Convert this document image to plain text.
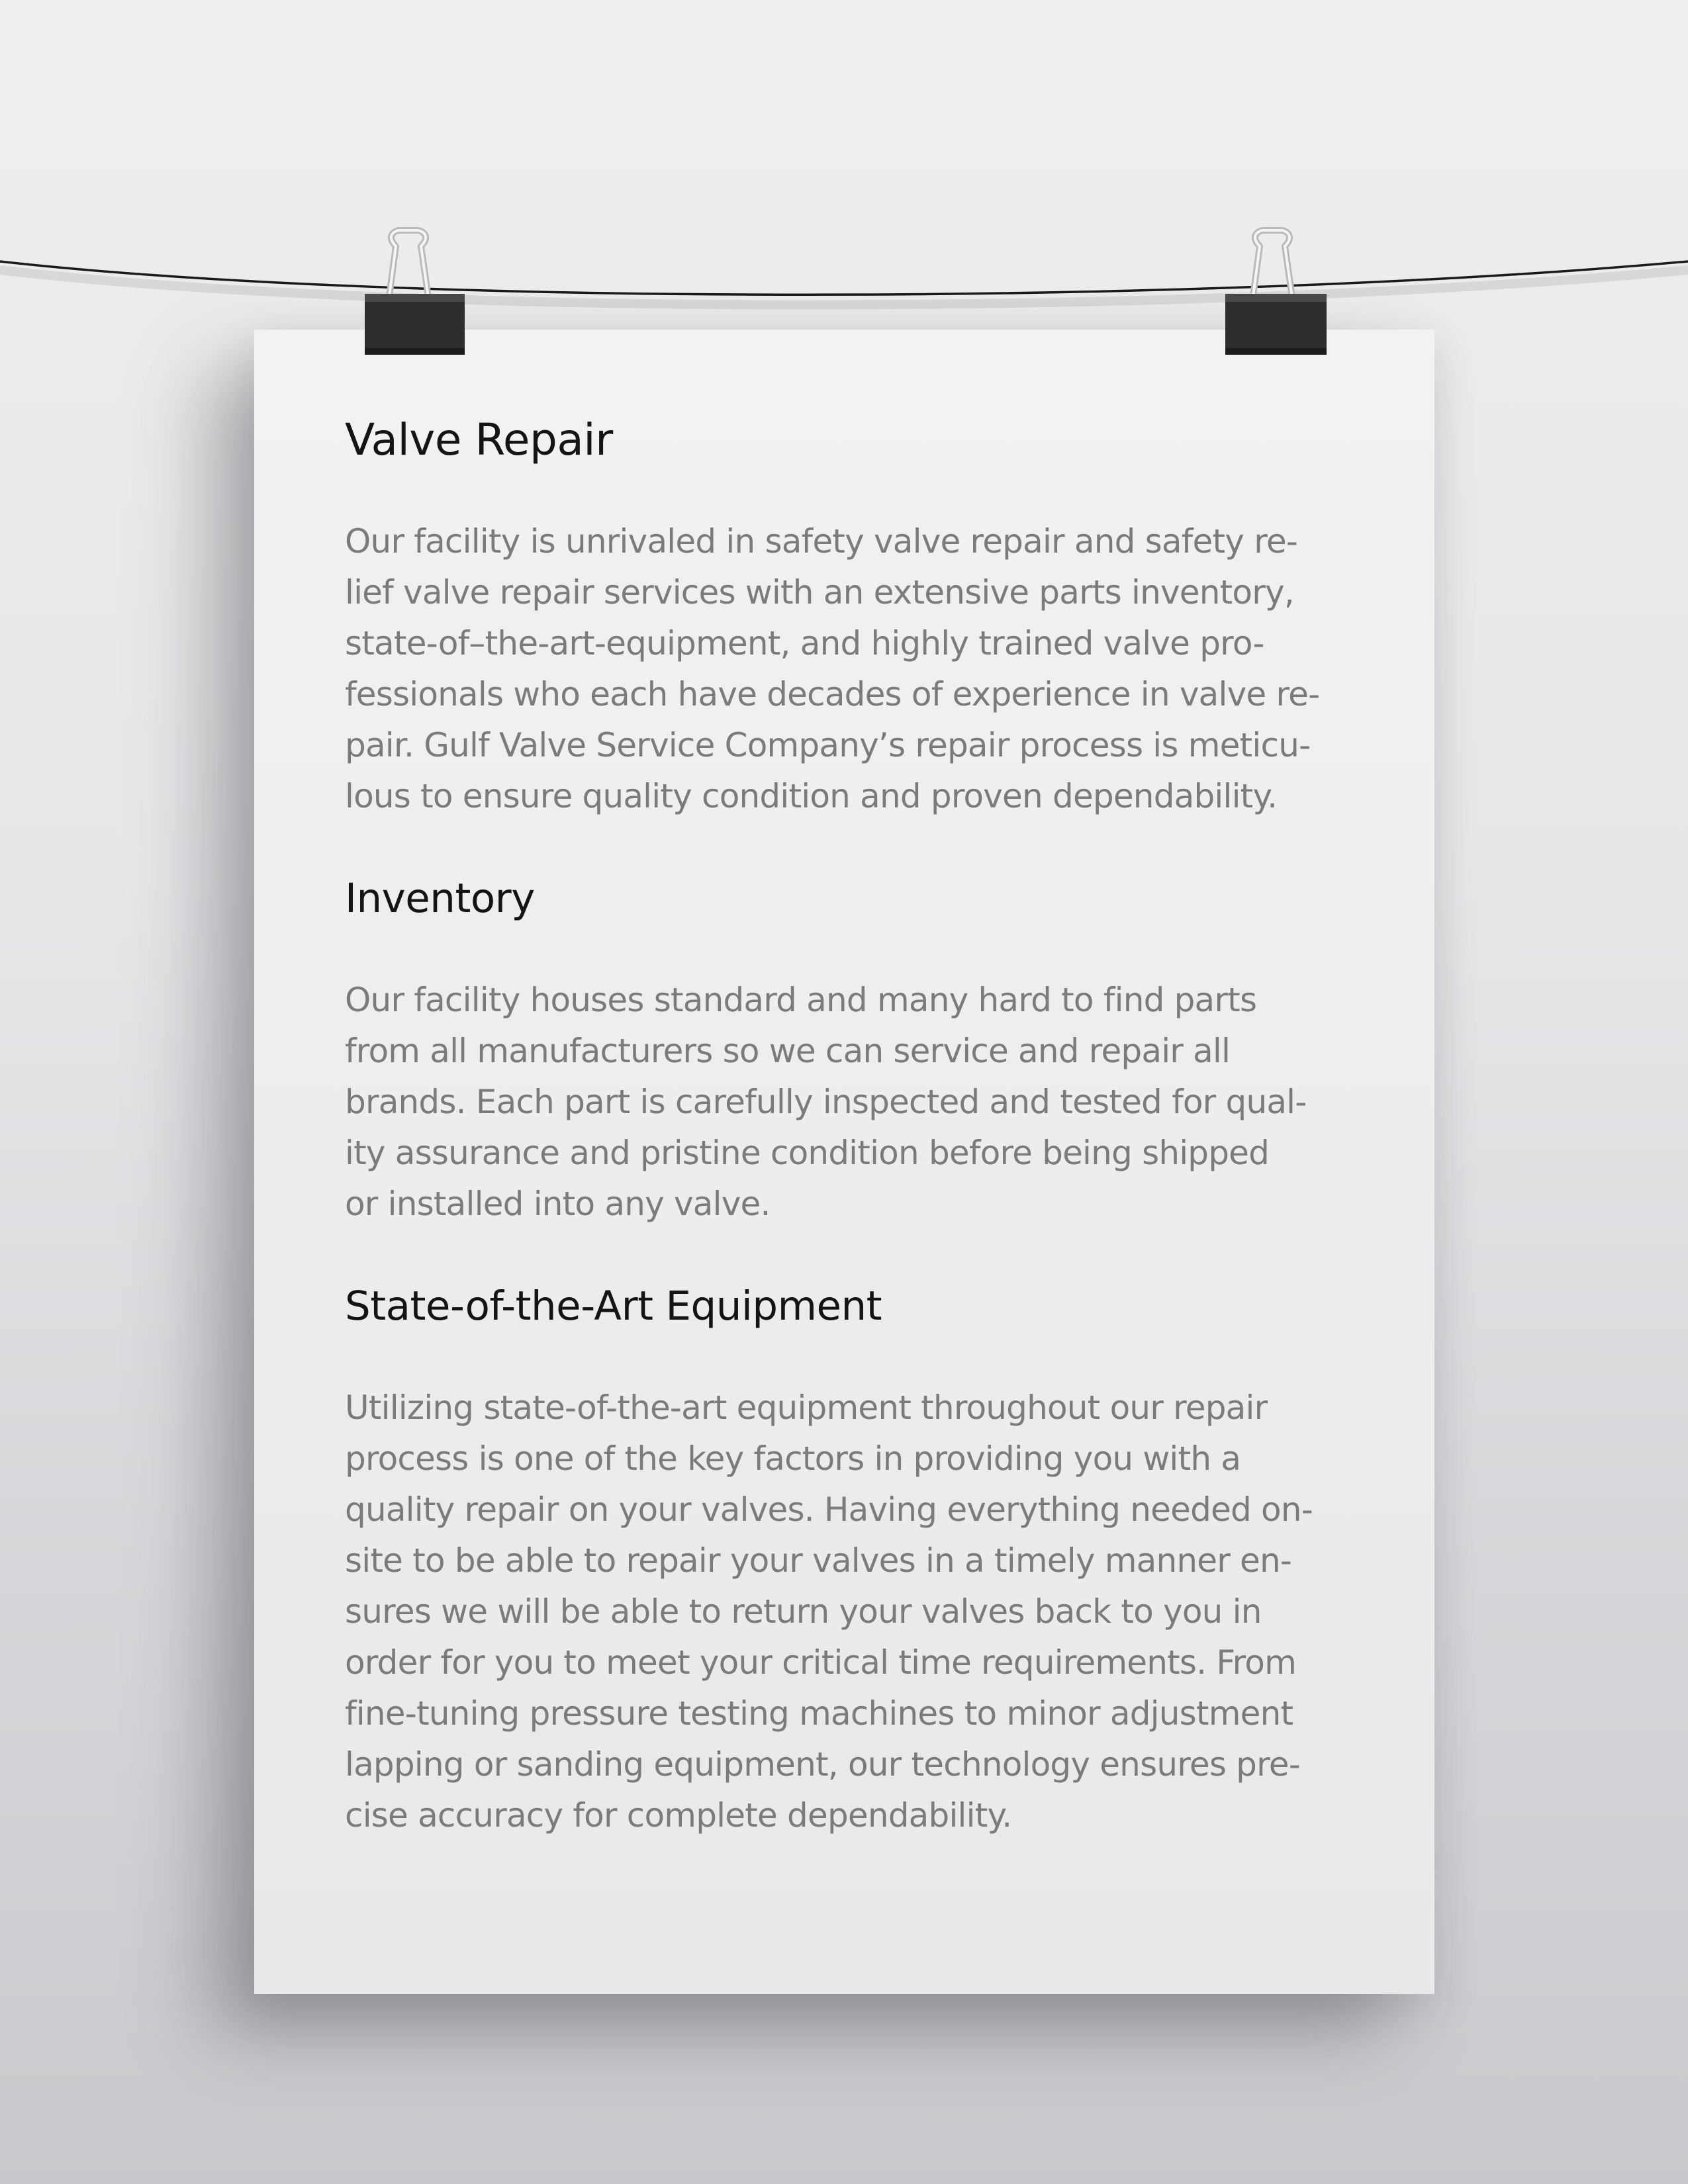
Valve Repair

Our facility is unrivaled in safety valve repair and safety re-

lief valve repair services with an extensive parts inventory,

state-of–the-art-equipment, and highly trained valve pro-

fessionals who each have decades of experience in valve re-

pair. Gulf Valve Service Company’s repair process is meticu-

lous to ensure quality condition and proven dependability.

Inventory

Our facility houses standard and many hard to find parts

from all manufacturers so we can service and repair all

brands. Each part is carefully inspected and tested for qual-

ity assurance and pristine condition before being shipped

or installed into any valve.

State-of-the-Art Equipment

Utilizing state-of-the-art equipment throughout our repair

process is one of the key factors in providing you with a

quality repair on your valves. Having everything needed on-

site to be able to repair your valves in a timely manner en-

sures we will be able to return your valves back to you in

order for you to meet your critical time requirements. From

fine-tuning pressure testing machines to minor adjustment

lapping or sanding equipment, our technology ensures pre-

cise accuracy for complete dependability.
